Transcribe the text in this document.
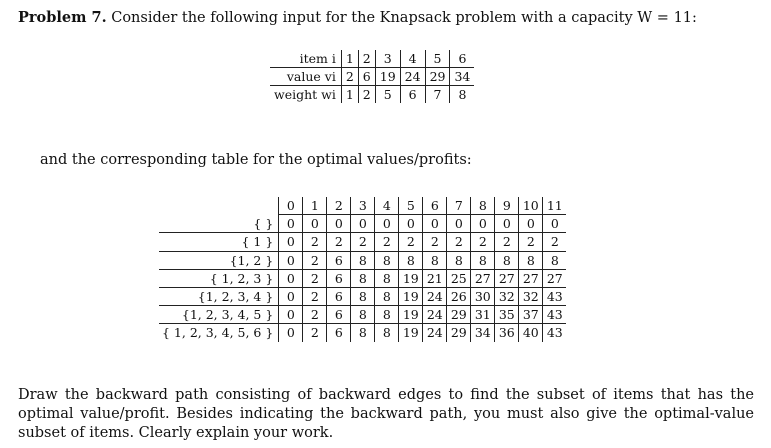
Problem 7. Consider the following input for the Knapsack problem with a capacity W = 11:
item i	1	2	3	4	5	6
value vi	2	6	19	24	29	34
weight wi	1	2	5	6	7	8
and the corresponding table for the optimal values/profits:
	0	1	2	3	4	5	6	7	8	9	10	11
{ }	0	0	0	0	0	0	0	0	0	0	0	0
{ 1 }	0	2	2	2	2	2	2	2	2	2	2	2
{1, 2 }	0	2	6	8	8	8	8	8	8	8	8	8
{ 1, 2, 3 }	0	2	6	8	8	19	21	25	27	27	27	27
{1, 2, 3, 4 }	0	2	6	8	8	19	24	26	30	32	32	43
{1, 2, 3, 4, 5 }	0	2	6	8	8	19	24	29	31	35	37	43
{ 1, 2, 3, 4, 5, 6 }	0	2	6	8	8	19	24	29	34	36	40	43
Draw the backward path consisting of backward edges to find the subset of items that has the optimal value/profit. Besides indicating the backward path, you must also give the optimal-value subset of items. Clearly explain your work.
